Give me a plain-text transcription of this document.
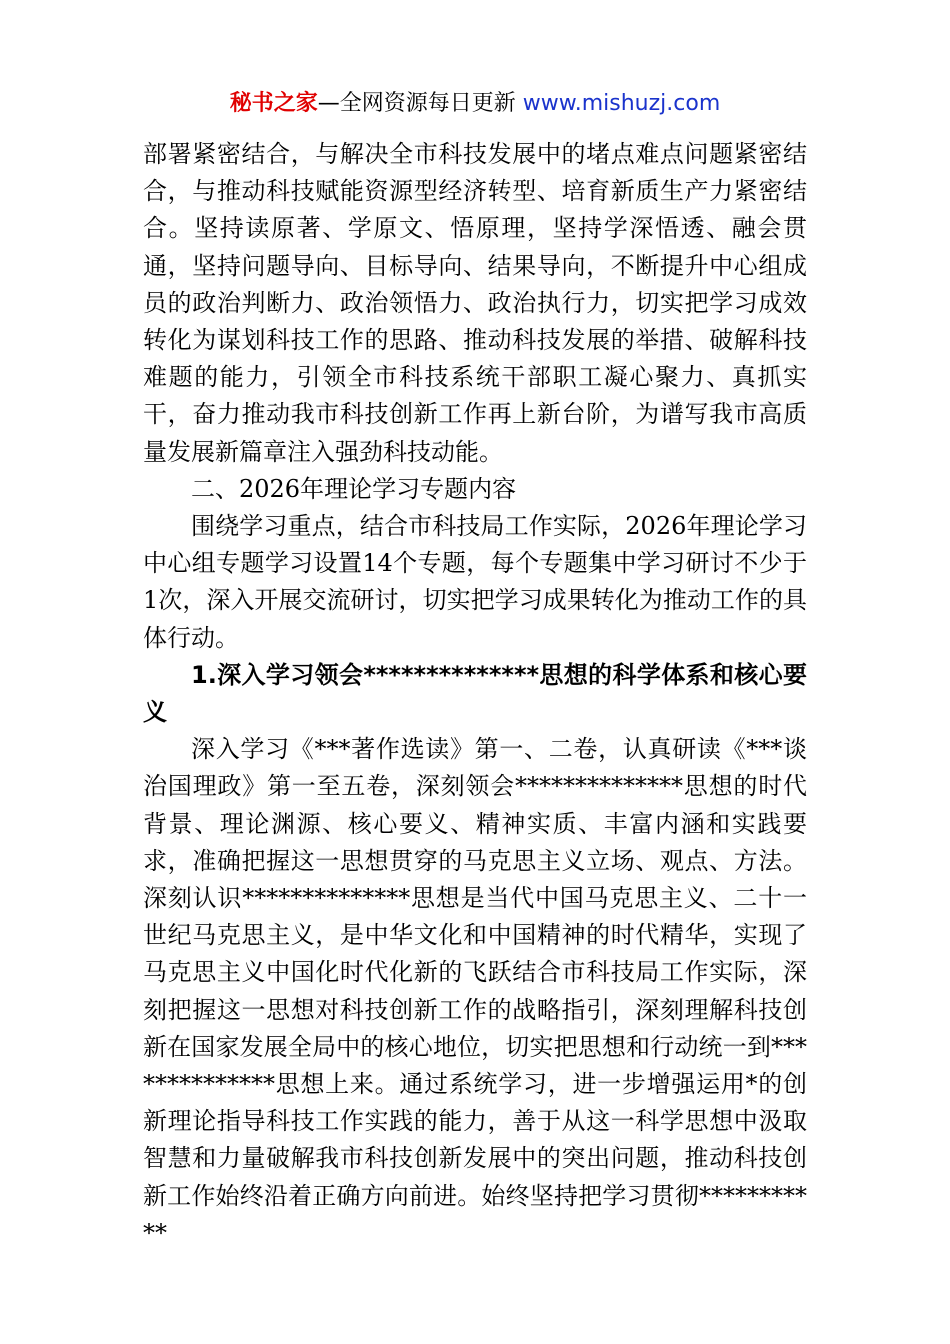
秘书之家—全网资源每日更新 www.mishuzj.com

部署紧密结合，与解决全市科技发展中的堵点难点问题紧密结合，与推动科技赋能资源型经济转型、培育新质生产力紧密结合。坚持读原著、学原文、悟原理，坚持学深悟透、融会贯通，坚持问题导向、目标导向、结果导向，不断提升中心组成员的政治判断力、政治领悟力、政治执行力，切实把学习成效转化为谋划科技工作的思路、推动科技发展的举措、破解科技难题的能力，引领全市科技系统干部职工凝心聚力、真抓实干，奋力推动我市科技创新工作再上新台阶，为谱写我市高质量发展新篇章注入强劲科技动能。

二、2026年理论学习专题内容

围绕学习重点，结合市科技局工作实际，2026年理论学习中心组专题学习设置14个专题，每个专题集中学习研讨不少于1次，深入开展交流研讨，切实把学习成果转化为推动工作的具体行动。

1.深入学习领会**************思想的科学体系和核心要义

深入学习《***著作选读》第一、二卷，认真研读《***谈治国理政》第一至五卷，深刻领会**************思想的时代背景、理论渊源、核心要义、精神实质、丰富内涵和实践要求，准确把握这一思想贯穿的马克思主义立场、观点、方法。深刻认识**************思想是当代中国马克思主义、二十一世纪马克思主义，是中华文化和中国精神的时代精华，实现了马克思主义中国化时代化新的飞跃结合市科技局工作实际，深刻把握这一思想对科技创新工作的战略指引，深刻理解科技创新在国家发展全局中的核心地位，切实把思想和行动统一到**************思想上来。通过系统学习，进一步增强运用*的创新理论指导科技工作实践的能力，善于从这一科学思想中汲取智慧和力量破解我市科技创新发展中的突出问题，推动科技创新工作始终沿着正确方向前进。始终坚持把学习贯彻***********
